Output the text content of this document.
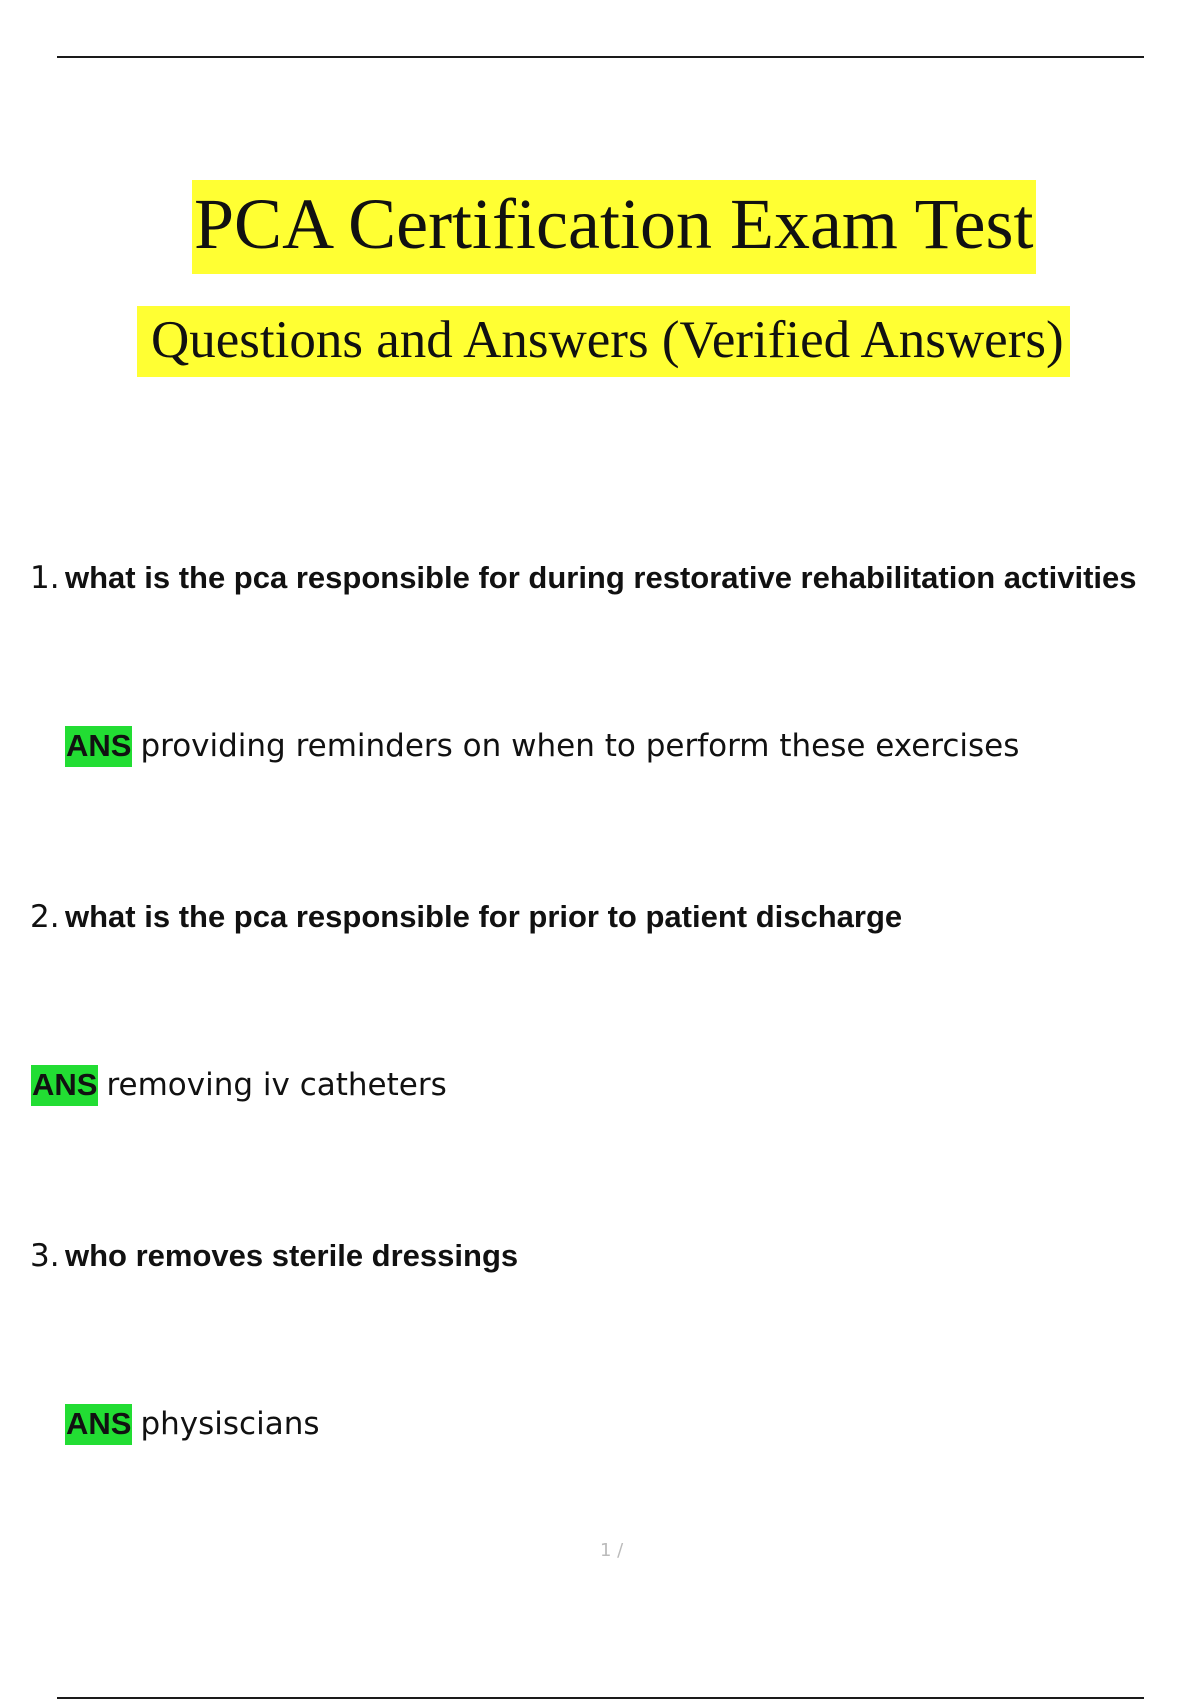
PCA Certification Exam Test
Questions and Answers (Verified Answers)
1. what is the pca responsible for during restorative rehabilitation activities
ANS providing reminders on when to perform these exercises
2. what is the pca responsible for prior to patient discharge
ANS removing iv catheters
3. who removes sterile dressings
ANS physiscians
1 /
